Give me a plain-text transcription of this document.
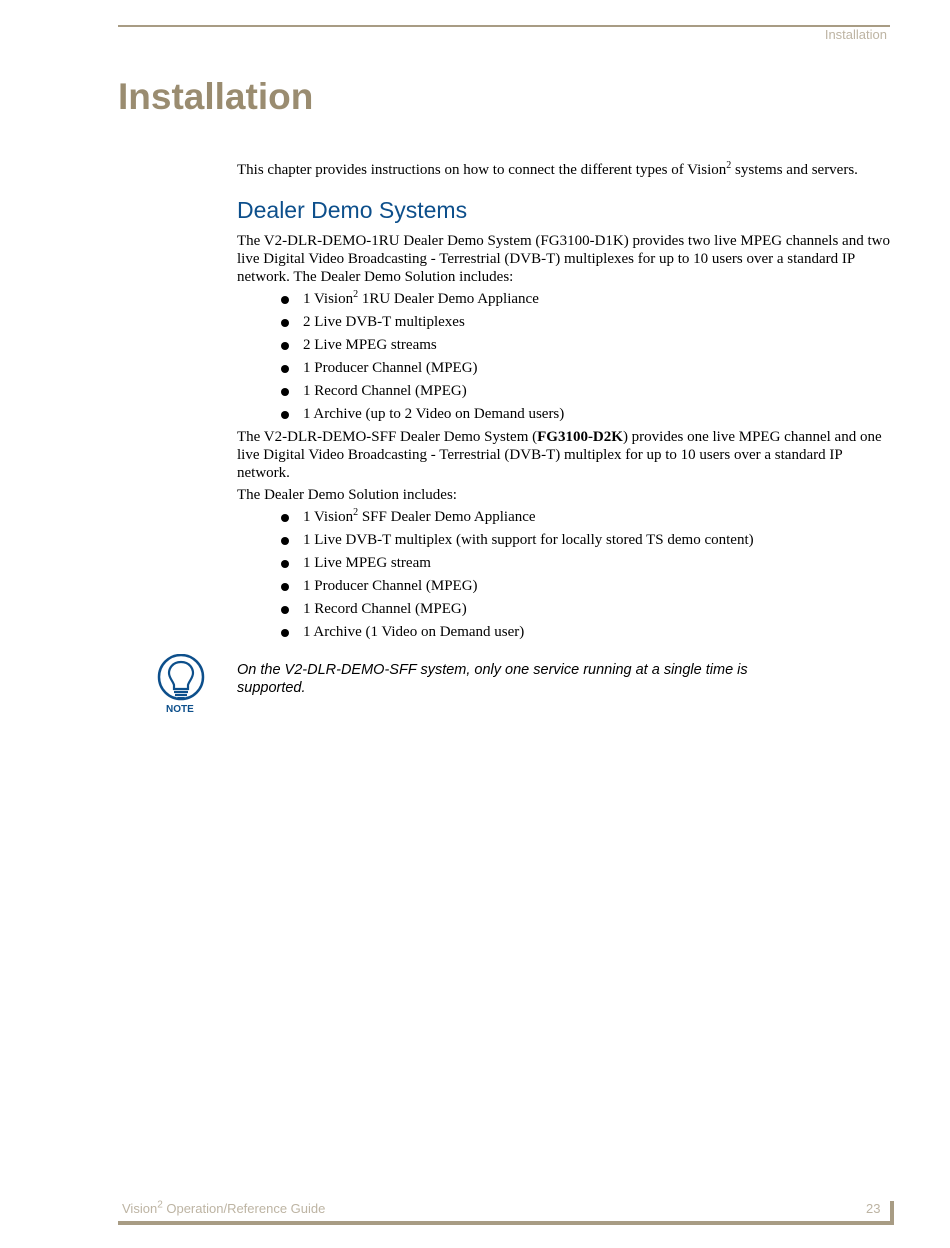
Installation
Installation

This chapter provides instructions on how to connect the different types of Vision$^2$ systems and servers.

Dealer Demo Systems

The V2-DLR-DEMO-1RU Dealer Demo System (FG3100-D1K) provides two live MPEG channels and two live Digital Video Broadcasting - Terrestrial (DVB-T) multiplexes for up to 10 users over a standard IP network. The Dealer Demo Solution includes:

1 Vision$^2$ 1RU Dealer Demo Appliance
2 Live DVB-T multiplexes
2 Live MPEG streams
1 Producer Channel (MPEG)
1 Record Channel (MPEG)
1 Archive (up to 2 Video on Demand users)

The V2-DLR-DEMO-SFF Dealer Demo System (FG3100-D2K) provides one live MPEG channel and one live Digital Video Broadcasting - Terrestrial (DVB-T) multiplex for up to 10 users over a standard IP network.

The Dealer Demo Solution includes:

1 Vision$^2$ SFF Dealer Demo Appliance
1 Live DVB-T multiplex (with support for locally stored TS demo content)
1 Live MPEG stream
1 Producer Channel (MPEG)
1 Record Channel (MPEG)
1 Archive (1 Video on Demand user)
NOTE
On the V2-DLR-DEMO-SFF system, only one service running at a single time is supported.
Vision$^2$ Operation/Reference Guide	23
